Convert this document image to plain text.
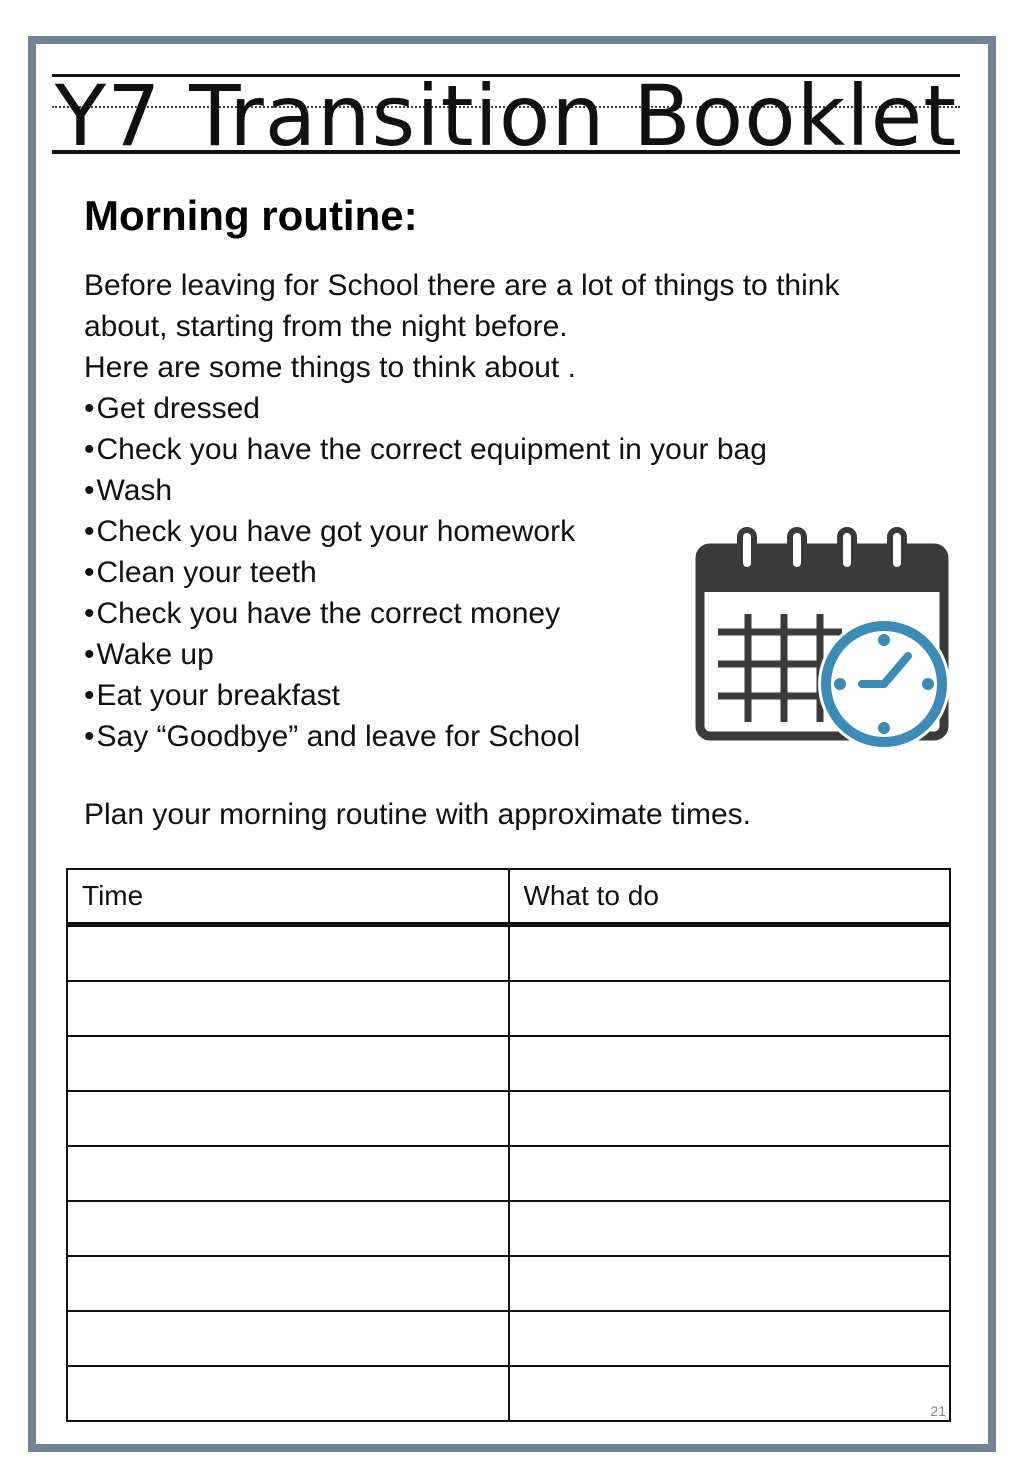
Y7 Transition Booklet
Morning routine:

Before leaving for School there are a lot of things to think

about, starting from the night before.

Here are some things to think about .

•Get dressed
•Check you have the correct equipment in your bag
•Wash
•Check you have got your homework
•Clean your teeth
•Check you have the correct money
•Wake up
•Eat your breakfast
•Say “Goodbye” and leave for School
Plan your morning routine with approximate times.
Time	What to do

21
